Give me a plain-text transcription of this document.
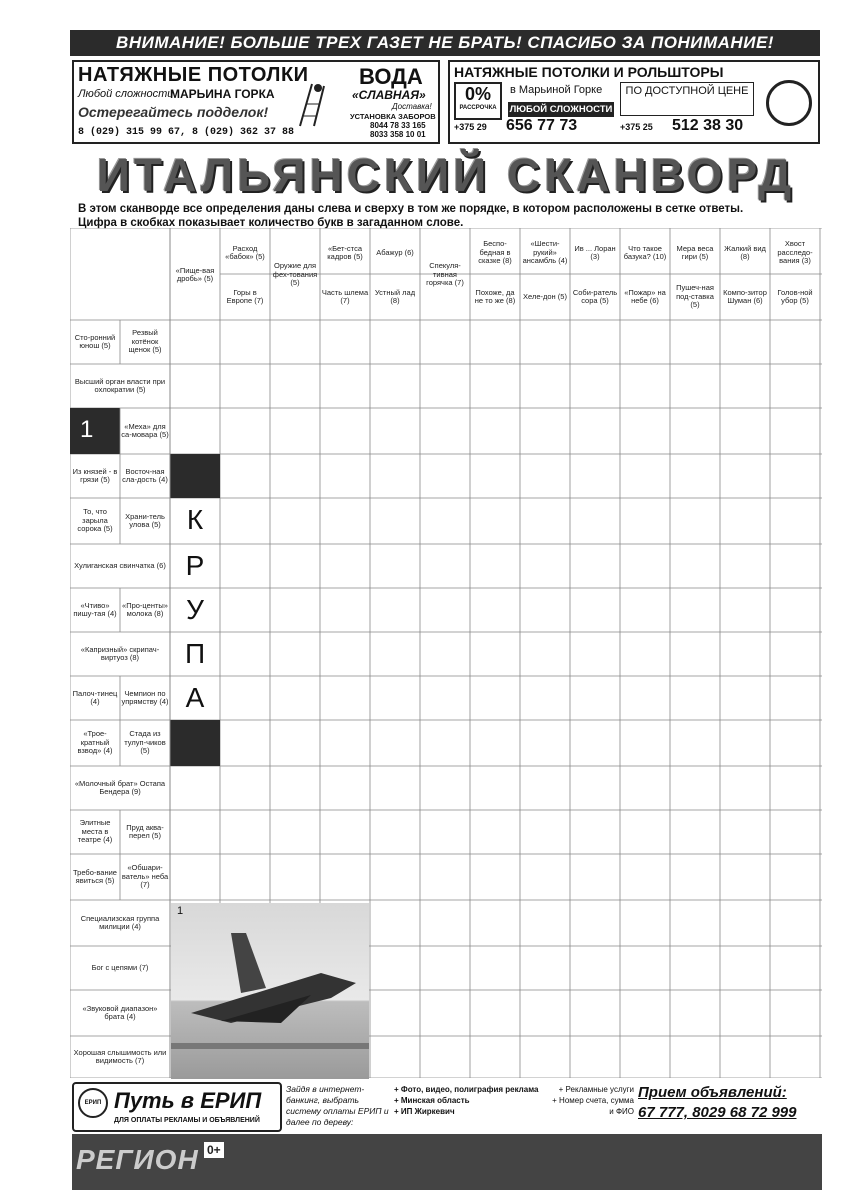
ВНИМАНИЕ! БОЛЬШЕ ТРЕХ ГАЗЕТ НЕ БРАТЬ! СПАСИБО ЗА ПОНИМАНИЕ!
НАТЯЖНЫЕ ПОТОЛКИ
Любой сложности
МАРЬИНА ГОРКА
Остерегайтесь подделок!
8 (029) 315 99 67, 8 (029) 362 37 88
ВОДА
«СЛАВНАЯ»
Доставка!
УСТАНОВКА ЗАБОРОВ
8044 78 33 165
8033 358 10 01
НАТЯЖНЫЕ ПОТОЛКИ И РОЛЬШТОРЫ
0%
РАССРОЧКА
в Марьиной Горке
ЛЮБОЙ СЛОЖНОСТИ
ПО ДОСТУПНОЙ ЦЕНЕ
+375 29 656 77 73	+375 25 512 38 30
ИТАЛЬЯНСКИЙ СКАНВОРД
В этом сканворде все определения даны слева и сверху в том же порядке, в котором расположены в сетке ответы.
Цифра в скобках показывает количество букв в загаданном слове.
«Пище-вая дробь» (5)
Расход «бабок» (5)
Оружие для фех-тования (5)
«Бет-стcа кадров (5)	Абажур (6)
Спекуля-тивная горячка (7)
Беспо-бедная в сказке (8)
«Шести-рукий» ансамбль (4)
Ив ... Лоран (3)
Что такое базука? (10)
Мера веса гири (5)
Жалкий вид (8)
Хвост расследо-вания (3)
Горы в Европе (7)
Часть шлема (7)
Устный лад (8)
Похоже, да не то же (8)	Хеле-дон (5) Соби-ратель сора (5)
«Пожар» на небе (6)
Пушеч-ная под-ставка (5)
Компо-зитор Шуман (6)
Голов-ной убор (5)
Сто-ронний юнош (5)
Резвый котёнок щенок (5)
Высший орган власти при охлократии (5)
«Меха» для са-мовара (5)
Из князей - в грязи (5)
Восточ-ная сла-дость (4)
То, что зарыла сорока (5)
Храни-тель улова (5)
Хулиганская свинчатка (6)
«Чтиво» пишу-тая (4)
«Про-центы» молока (8)
«Капризный» скрипач-виртуоз (8)
Палоч-тинец (4)
Чемпион по упрямству (4)
«Трое-кратный взвод» (4)
Стада из тулуп-чиков (5)
«Молочный брат» Остапа Бендера (9)
Элитные места в театре (4)
Пруд аква-перел (5)
Требо-вание явиться (5)
«Обшари-ватель» неба (7)
Специализская группа милиции (4)
Бог с цепями (7)
«Звуковой диапазон» брата (4)
Хорошая слышимость или видимость (7)
К
Р
У
П
А
1
ЕРИП Путь в ЕРИП
ДЛЯ ОПЛАТЫ РЕКЛАМЫ И ОБЪЯВЛЕНИЙ
Зайдя в интернет-банкинг, выбрать систему оплаты ЕРИП и далее по дереву:
+ Фото, видео, полиграфия реклама
+ Минская область
+ ИП Жиркевич
+ Рекламные услуги
+ Номер счета, сумма и ФИО
Прием объявлений:
67 777, 8029 68 72 999
РЕГИОН 0+
1
